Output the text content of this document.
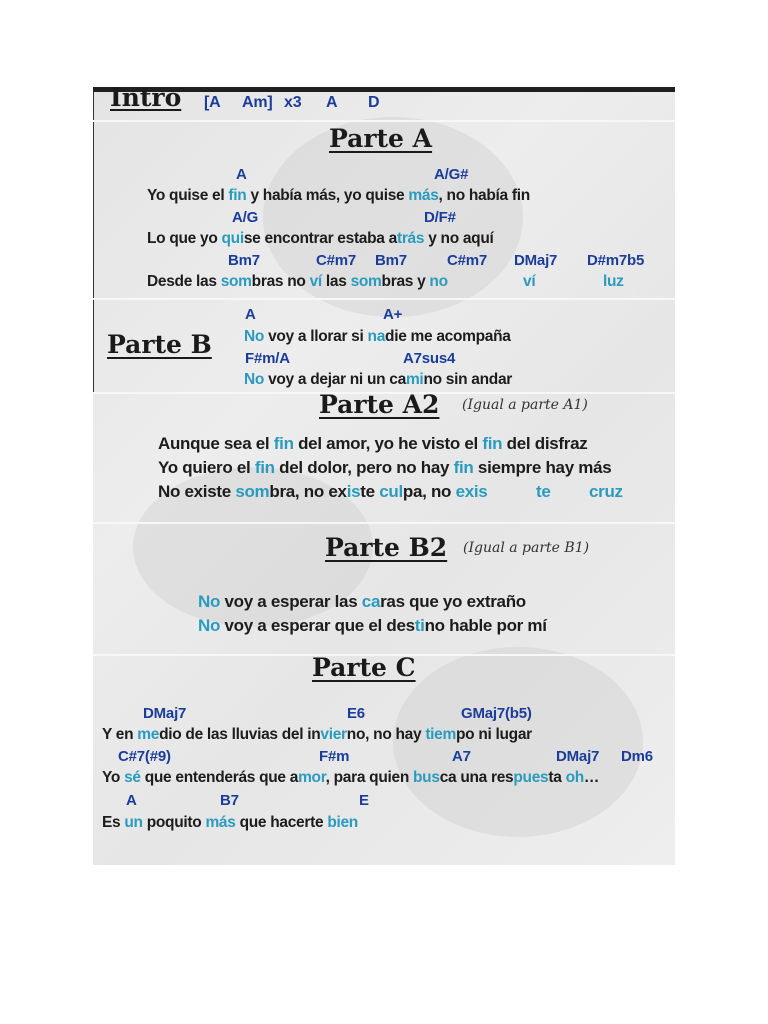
Intro [A Am] x3 A D
Parte A
A	A/G#
Yo quise el fin y había más, yo quise más, no había fin
A/G	D/F#
Lo que yo quise encontrar estaba atrás y no aquí
Bm7	C#m7 Bm7	C#m7 DMaj7 D#m7b5
Desde las sombras no ví las sombras y no	ví	luz
Parte B
A	A+
No voy a llorar si nadie me acompaña
F#m/A	A7sus4
No voy a dejar ni un camino sin andar
Parte A2 (Igual a parte A1)
Aunque sea el fin del amor, yo he visto el fin del disfraz
Yo quiero el fin del dolor, pero no hay fin siempre hay más
No existe sombra, no existe culpa, no exis	te cruz
Parte B2 (Igual a parte B1)
No voy a esperar las caras que yo extraño
No voy a esperar que el destino hable por mí
Parte C
DMaj7	E6	GMaj7(b5)
Y en medio de las lluvias del invierno, no hay tiempo ni lugar
C#7(#9)	F#m	A7	DMaj7 Dm6
Yo sé que entenderás que amor, para quien busca una respuesta oh…
A	B7	E
Es un poquito más que hacerte bien
